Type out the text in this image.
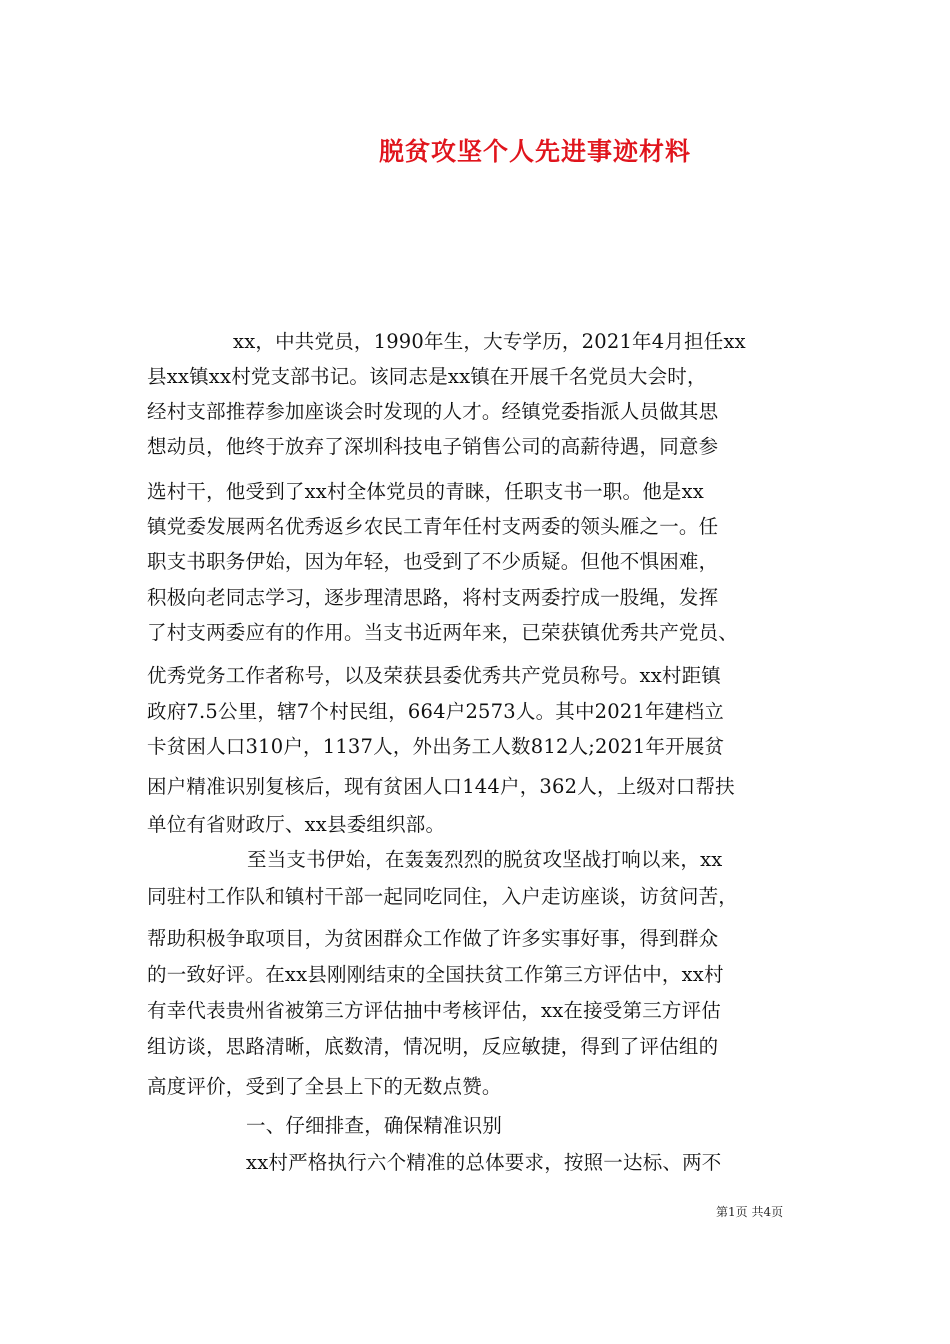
脱贫攻坚个人先进事迹材料
xx，中共党员，1990年生，大专学历，2021年4月担任xx
县xx镇xx村党支部书记。该同志是xx镇在开展千名党员大会时，
经村支部推荐参加座谈会时发现的人才。经镇党委指派人员做其思
想动员，他终于放弃了深圳科技电子销售公司的高薪待遇，同意参
选村干，他受到了xx村全体党员的青睐，任职支书一职。他是xx
镇党委发展两名优秀返乡农民工青年任村支两委的领头雁之一。任
职支书职务伊始，因为年轻，也受到了不少质疑。但他不惧困难，
积极向老同志学习，逐步理清思路，将村支两委拧成一股绳，发挥
了村支两委应有的作用。当支书近两年来，已荣获镇优秀共产党员、
优秀党务工作者称号，以及荣获县委优秀共产党员称号。xx村距镇
政府7.5公里，辖7个村民组，664户2573人。其中2021年建档立
卡贫困人口310户，1137人，外出务工人数812人;2021年开展贫
困户精准识别复核后，现有贫困人口144户，362人，上级对口帮扶
单位有省财政厅、xx县委组织部。
至当支书伊始，在轰轰烈烈的脱贫攻坚战打响以来，xx
同驻村工作队和镇村干部一起同吃同住，入户走访座谈，访贫问苦，
帮助积极争取项目，为贫困群众工作做了许多实事好事，得到群众
的一致好评。在xx县刚刚结束的全国扶贫工作第三方评估中，xx村
有幸代表贵州省被第三方评估抽中考核评估，xx在接受第三方评估
组访谈，思路清晰，底数清，情况明，反应敏捷，得到了评估组的
高度评价，受到了全县上下的无数点赞。
一、仔细排查，确保精准识别
xx村严格执行六个精准的总体要求，按照一达标、两不
第1页 共4页
